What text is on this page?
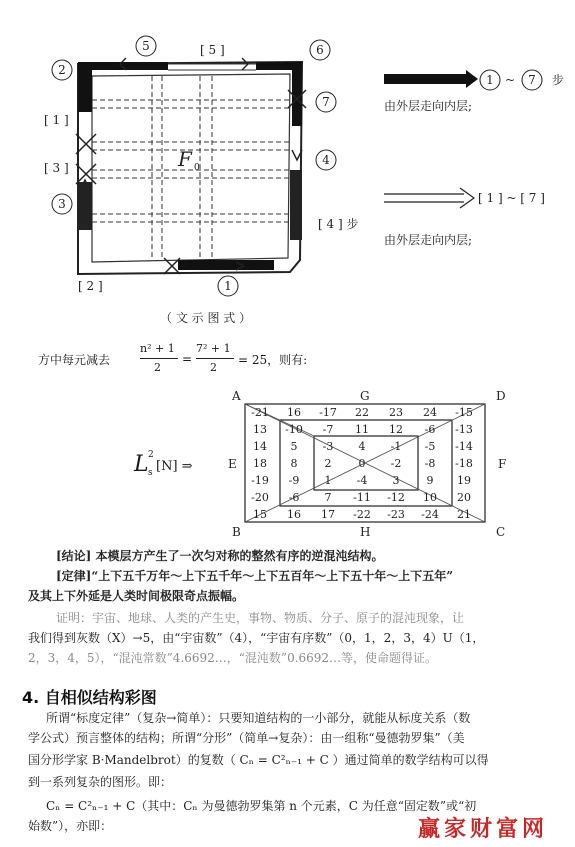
5	6
2
7
4
3
1
[ 5 ]
[ 1 ]
[ 3 ]
[ 2 ]
F 0
1 ~ 7 步
由外层走向内层;
[ 1 ] ~ [ 7 ]
[ 4 ] 步
由外层走向内层;
（ 文 示 图 式 ）
方中每元减去
n² + 1
2
=
7² + 1
2
= 25，则有:
L 2
s [N] ⇒
A
B	C
D
G
H
E	F
-21 16 -17 22 23 24 -15
13 -10 -7 11 12 -6 -13
14 5 -3 4 -1 -5 -14
18 8 2 0 -2 -8 -18
-19 -9 1 -4 3 9 19
-20 -6 7 -11 -12 10 20
15 16 17 -22 -23 -24 21
[结论] 本模层方产生了一次匀对称的整然有序的逆混沌结构。
[定律]“上下五千万年～上下五千年～上下五百年～上下五十年～上下五年”
及其上下外延是人类时间极限奇点振幅。
证明：宇宙、地球、人类的产生史，事物、物质、分子、原子的混沌现象，让
我们得到灰数（X）→5，由“宇宙数”（4），“宇宙有序数”（0，1，2，3，4）U（1，
2，3，4，5），“混沌常数”4.6692…，“混沌数”0.6692…等，使命题得证。
4. 自相似结构彩图
所谓“标度定律”（复杂→简单）：只要知道结构的一小部分，就能从标度关系（数
学公式）预言整体的结构；所谓“分形”（简单→复杂）：由一组称“曼德勃罗集”（美
国分形学家 B·Mandelbrot）的复数（ Cₙ = C²ₙ₋₁ + C ）通过简单的数学结构可以得
到一系列复杂的图形。即：
Cₙ = C²ₙ₋₁ + C（其中：Cₙ 为曼德勃罗集第 n 个元素，C 为任意“固定数”或“初
始数”），亦即：	赢家财富网
